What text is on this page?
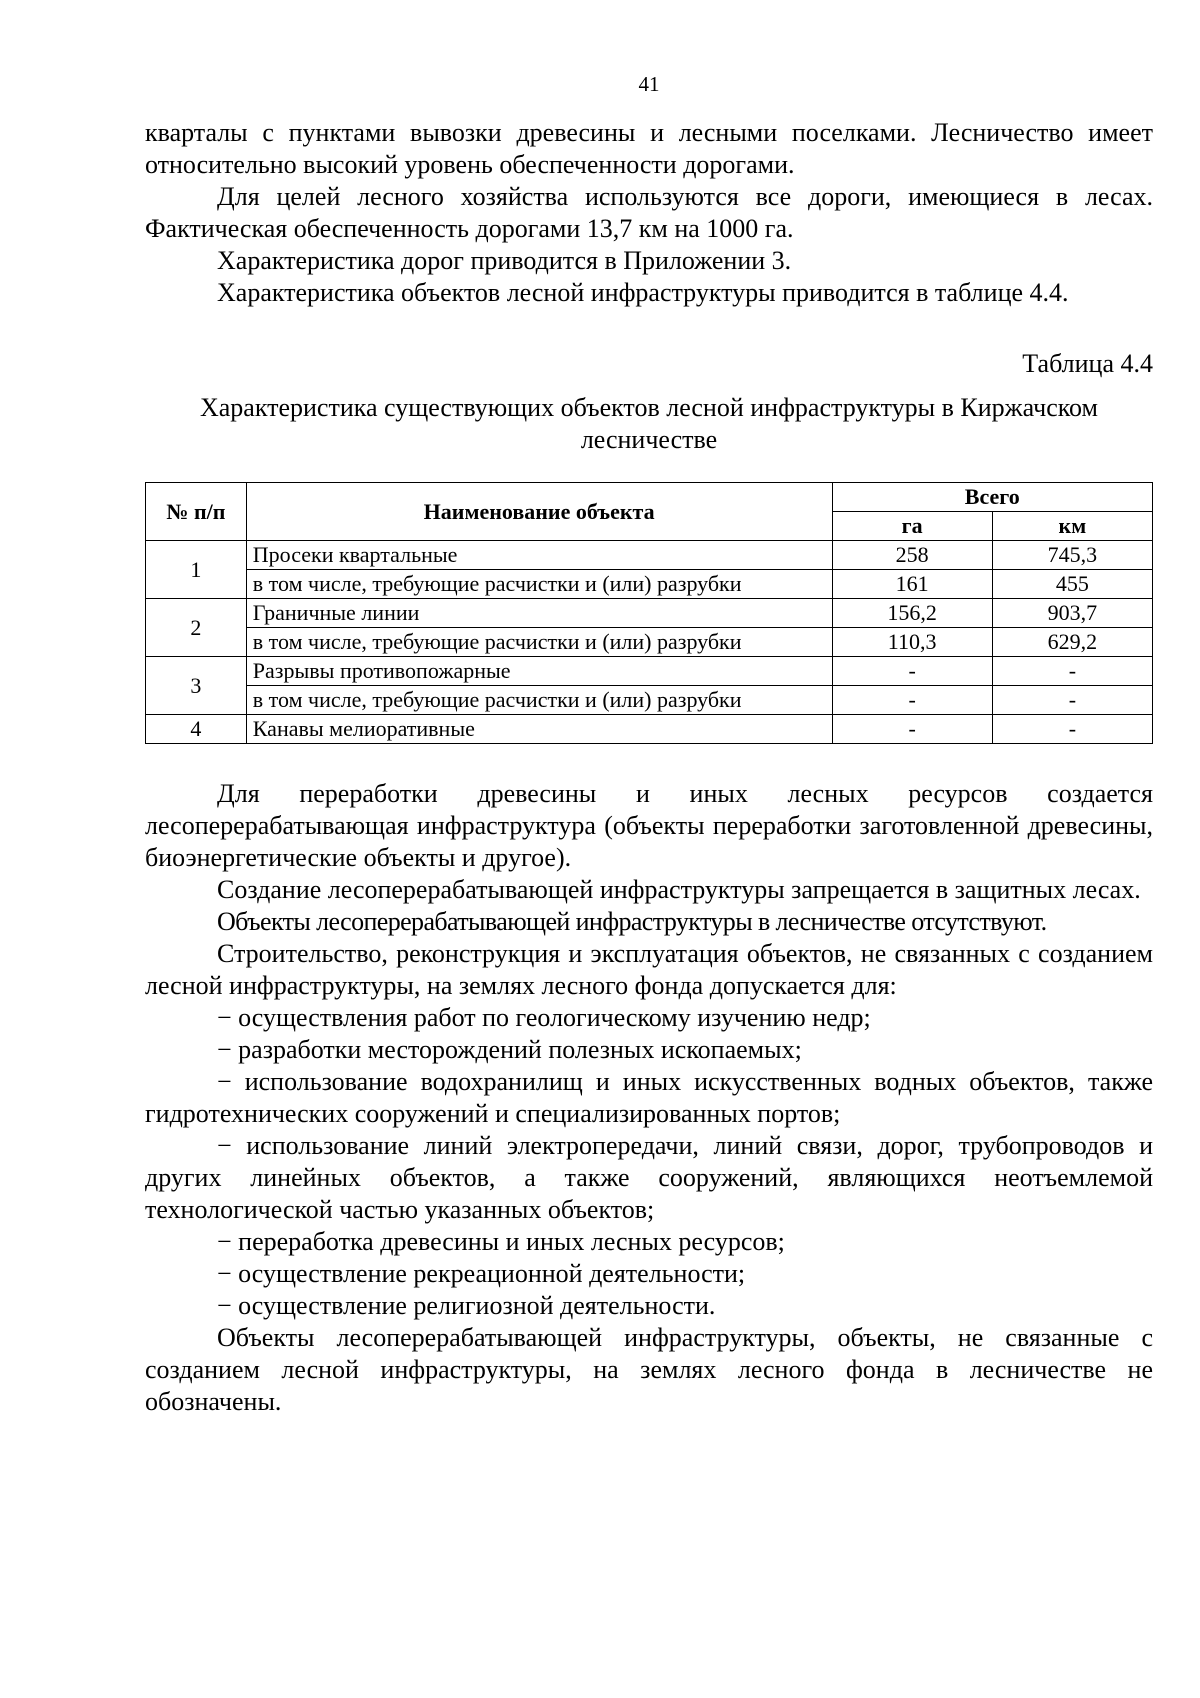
41

кварталы с пунктами вывозки древесины и лесными поселками. Лесничество имеет относительно высокий уровень обеспеченности дорогами.

Для целей лесного хозяйства используются все дороги, имеющиеся в лесах. Фактическая обеспеченность дорогами 13,7 км на 1000 га.

Характеристика дорог приводится в Приложении 3.

Характеристика объектов лесной инфраструктуры приводится в таблице 4.4.

Таблица 4.4
Характеристика существующих объектов лесной инфраструктуры в Киржачском лесничестве
№ п/п	Наименование объекта	Всего	
		га	км
1	Просеки квартальные	258	745,3
	в том числе, требующие расчистки и (или) разрубки	161	455
2	Граничные линии	156,2	903,7
	в том числе, требующие расчистки и (или) разрубки	110,3	629,2
3	Разрывы противопожарные	-	-
	в том числе, требующие расчистки и (или) разрубки	-	-
4	Канавы мелиоративные	-	-

Для переработки древесины и иных лесных ресурсов создается лесоперерабатывающая инфраструктура (объекты переработки заготовленной древесины, биоэнергетические объекты и другое).

Создание лесоперерабатывающей инфраструктуры запрещается в защитных лесах.

Объекты лесоперерабатывающей инфраструктуры в лесничестве отсутствуют.

Строительство, реконструкция и эксплуатация объектов, не связанных с созданием лесной инфраструктуры, на землях лесного фонда допускается для:

− осуществления работ по геологическому изучению недр;

− разработки месторождений полезных ископаемых;

− использование водохранилищ и иных искусственных водных объектов, также гидротехнических сооружений и специализированных портов;

− использование линий электропередачи, линий связи, дорог, трубопроводов и других линейных объектов, а также сооружений, являющихся неотъемлемой технологической частью указанных объектов;

− переработка древесины и иных лесных ресурсов;

− осуществление рекреационной деятельности;

− осуществление религиозной деятельности.

Объекты лесоперерабатывающей инфраструктуры, объекты, не связанные с созданием лесной инфраструктуры, на землях лесного фонда в лесничестве не обозначены.
